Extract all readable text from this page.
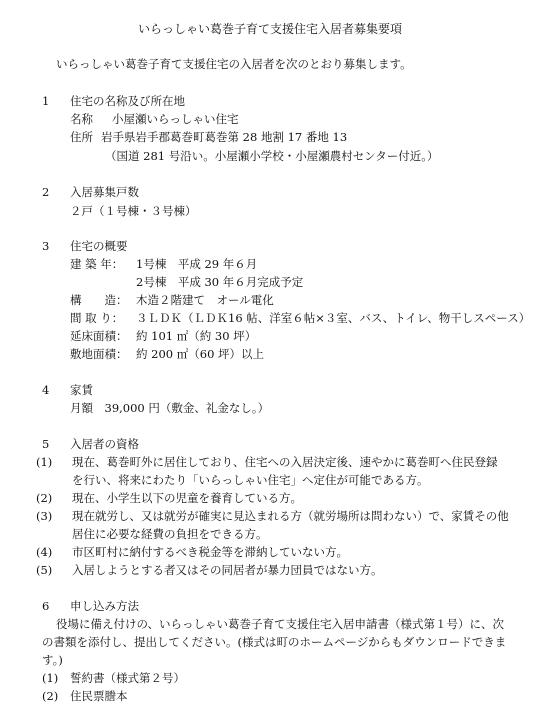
いらっしゃい葛巻子育て支援住宅入居者募集要項
いらっしゃい葛巻子育て支援住宅の入居者を次のとおり募集します。
1 住宅の名称及び所在地
名称 小屋瀬いらっしゃい住宅
住所 岩手県岩手郡葛巻町葛巻第 28 地割 17 番地 13
（国道 281 号沿い。小屋瀬小学校・小屋瀬農村センター付近。）
2 入居募集戸数
２戸（１号棟・３号棟）
3 住宅の概要
建 築 年： 1号棟　平成 29 年６月
2号棟　平成 30 年６月完成予定
構　　造： 木造２階建て　オール電化
間 取 り： ３ＬＤＫ（ＬＤＫ16 帖、洋室６帖×３室、バス、トイレ、物干しスペース）
延床面積： 約 101 ㎡（約 30 坪）
敷地面積： 約 200 ㎡（60 坪）以上
4 家賃
月額　39,000 円（敷金、礼金なし。）
5 入居者の資格
(1) 現在、葛巻町外に居住しており、住宅への入居決定後、速やかに葛巻町へ住民登録
を行い、将来にわたり「いらっしゃい住宅」へ定住が可能である方。
(2) 現在、小学生以下の児童を養育している方。
(3) 現在就労し、又は就労が確実に見込まれる方（就労場所は問わない）で、家賃その他
居住に必要な経費の負担をできる方。
(4) 市区町村に納付するべき税金等を滞納していない方。
(5) 入居しようとする者又はその同居者が暴力団員ではない方。
6 申し込み方法
役場に備え付けの、いらっしゃい葛巻子育て支援住宅入居申請書（様式第１号）に、次
の書類を添付し、提出してください。(様式は町のホームページからもダウンロードできま
す。)
(1) 誓約書（様式第２号）
(2) 住民票謄本
